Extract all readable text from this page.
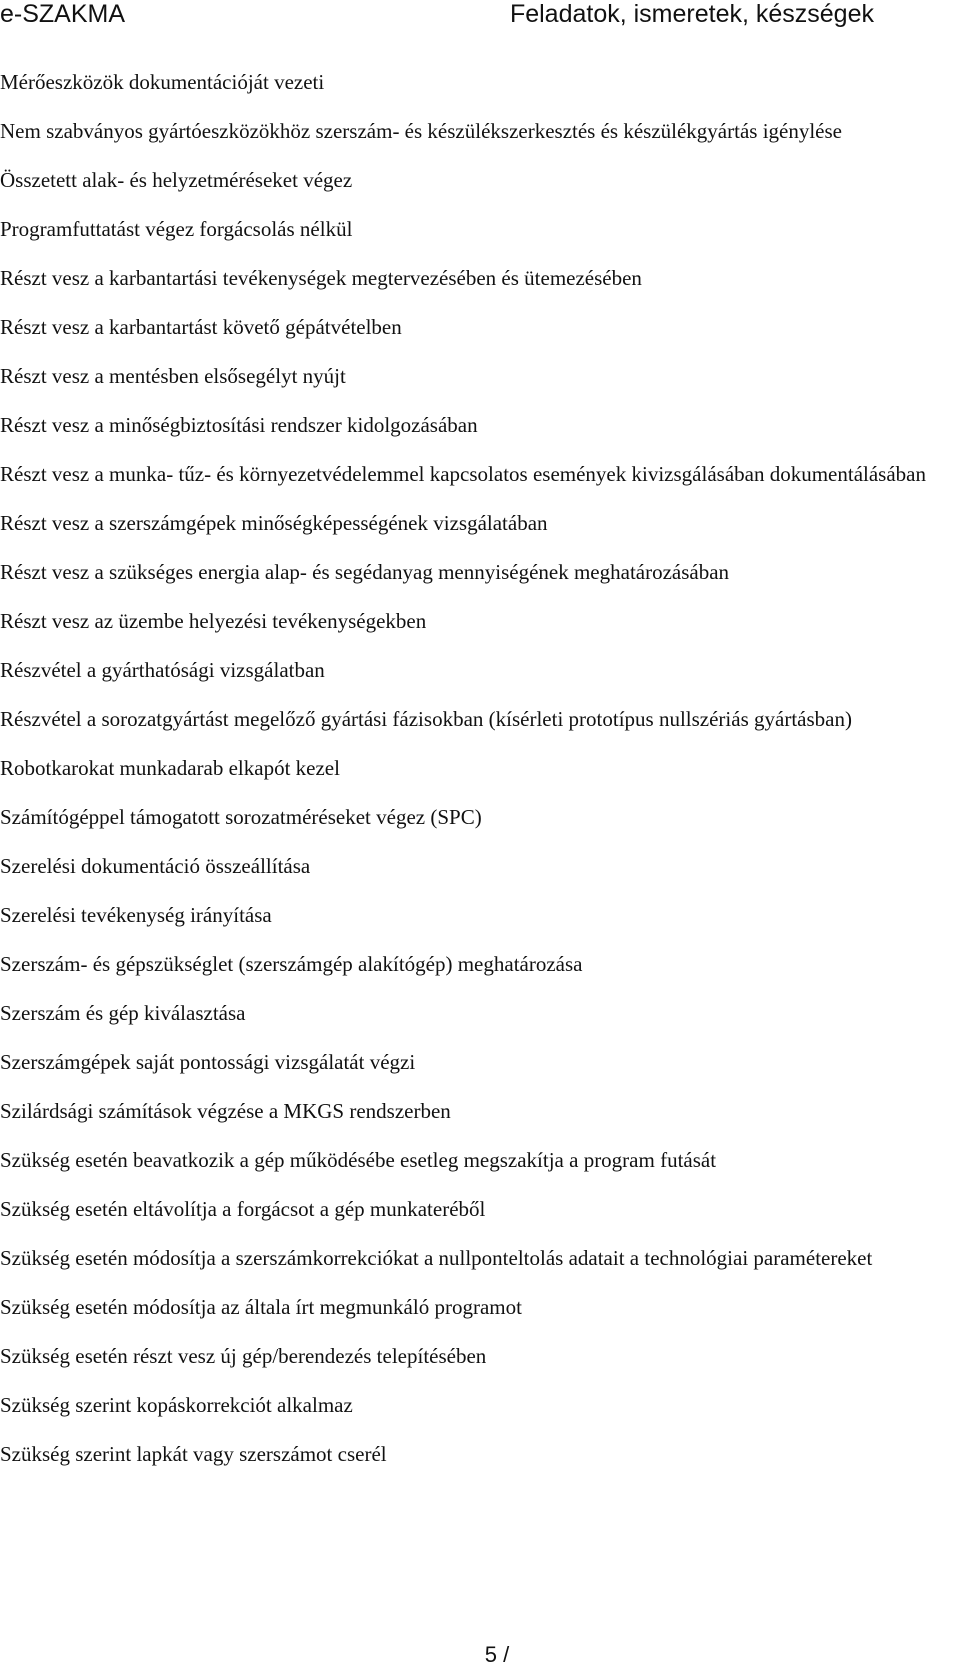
e-SZAKMA	Feladatok, ismeretek, készségek

Mérőeszközök dokumentációját vezeti

Nem szabványos gyártóeszközökhöz szerszám- és készülékszerkesztés és készülékgyártás igénylése

Összetett alak- és helyzetméréseket végez

Programfuttatást végez forgácsolás nélkül

Részt vesz a karbantartási tevékenységek megtervezésében és ütemezésében

Részt vesz a karbantartást követő gépátvételben

Részt vesz a mentésben elsősegélyt nyújt

Részt vesz a minőségbiztosítási rendszer kidolgozásában

Részt vesz a munka- tűz- és környezetvédelemmel kapcsolatos események kivizsgálásában dokumentálásában

Részt vesz a szerszámgépek minőségképességének vizsgálatában

Részt vesz a szükséges energia alap- és segédanyag mennyiségének meghatározásában

Részt vesz az üzembe helyezési tevékenységekben

Részvétel a gyárthatósági vizsgálatban

Részvétel a sorozatgyártást megelőző gyártási fázisokban (kísérleti prototípus nullszériás gyártásban)

Robotkarokat munkadarab elkapót kezel

Számítógéppel támogatott sorozatméréseket végez (SPC)

Szerelési dokumentáció összeállítása

Szerelési tevékenység irányítása

Szerszám- és gépszükséglet (szerszámgép alakítógép) meghatározása

Szerszám és gép kiválasztása

Szerszámgépek saját pontossági vizsgálatát végzi

Szilárdsági számítások végzése a MKGS rendszerben

Szükség esetén beavatkozik a gép működésébe esetleg megszakítja a program futását

Szükség esetén eltávolítja a forgácsot a gép munkateréből

Szükség esetén módosítja a szerszámkorrekciókat a nullponteltolás adatait a technológiai paramétereket

Szükség esetén módosítja az általa írt megmunkáló programot

Szükség esetén részt vesz új gép/berendezés telepítésében

Szükség szerint kopáskorrekciót alkalmaz

Szükség szerint lapkát vagy szerszámot cserél

5 /
